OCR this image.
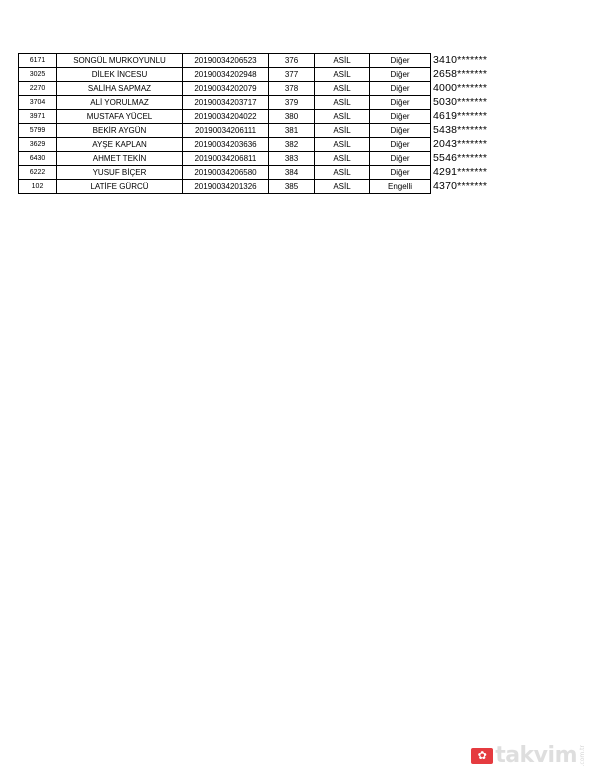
6171	SONGÜL MURKOYUNLU	20190034206523	376	ASİL	Diğer	3410*******
3025	DİLEK İNCESU	20190034202948	377	ASİL	Diğer	2658*******
2270	SALİHA SAPMAZ	20190034202079	378	ASİL	Diğer	4000*******
3704	ALİ YORULMAZ	20190034203717	379	ASİL	Diğer	5030*******
3971	MUSTAFA YÜCEL	20190034204022	380	ASİL	Diğer	4619*******
5799	BEKİR AYGÜN	20190034206111	381	ASİL	Diğer	5438*******
3629	AYŞE KAPLAN	20190034203636	382	ASİL	Diğer	2043*******
6430	AHMET TEKİN	20190034206811	383	ASİL	Diğer	5546*******
6222	YUSUF BİÇER	20190034206580	384	ASİL	Diğer	4291*******
102	LATİFE GÜRCÜ	20190034201326	385	ASİL	Engelli	4370*******
✿ takvim .com.tr
